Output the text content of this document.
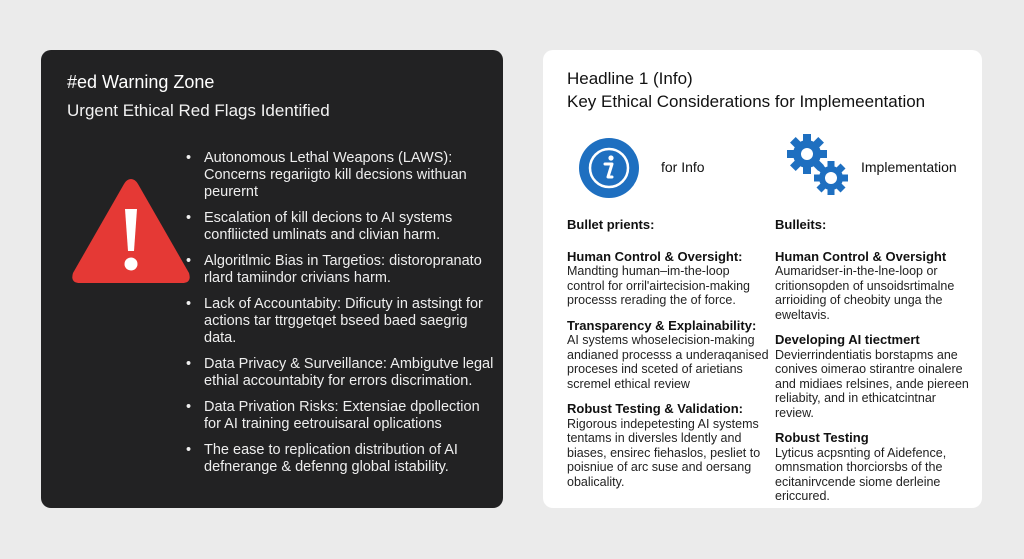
#ed Warning Zone
Urgent Ethical Red Flags Identified
• Autonomous Lethal Weapons (LAWS): Concerns regariigto kill decsions withuan peurernt
• Escalation of kill decions to AI systems confliicted umlinats and clivian harm.
• Algoritlmic Bias in Targetios: distoropranato rlard tamiindor crivians harm.
• Lack of Accountabity: Dificuty in astsingt for actions tar ttrggetqet bseed baed saegrig data.
• Data Privacy & Surveillance: Ambigutve legal ethial accountabity for errors discrimation.
• Data Privation Risks: Extensiae dpollection for AI training eetrouisaral oplications
• The ease to replication distribution of AI defnerange & defenng global istability.
Headline 1 (Info)
Key Ethical Considerations for Implemeentation
for Info	Implementation
Bullet prients:
Human Control & Oversight:
Mandting human–im-the-loop control for orril'airtecision-making processs rerading the of force.
Transparency & Explainability:
AI systems whoseIecision-making andianed processs a underaqanised proceses ind sceted of arietians scremel ethical review
Robust Testing & Validation:
Rigorous indepetesting AI systems tentams in diversles ldently and biases, ensirec fiehaslos, pesliet to poisniue of arc suse and oersang obalicality.
Bulleits:
Human Control & Oversight
Aumaridser-in-the-lne-loop or critionsopden of unsoidsrtimalne arrioiding of cheobity unga the eweltavis.
Developing AI tiectmert
Devierrindentiatis borstapms ane conives oimerao stirantre oinalere and midiaes relsines, ande piereen reliabity, and in ethicatcintnar review.
Robust Testing
Lyticus acpsnting of Aidefence, omnsmation thorciorsbs of the ecitanirvcende siome derleine ericcured.
